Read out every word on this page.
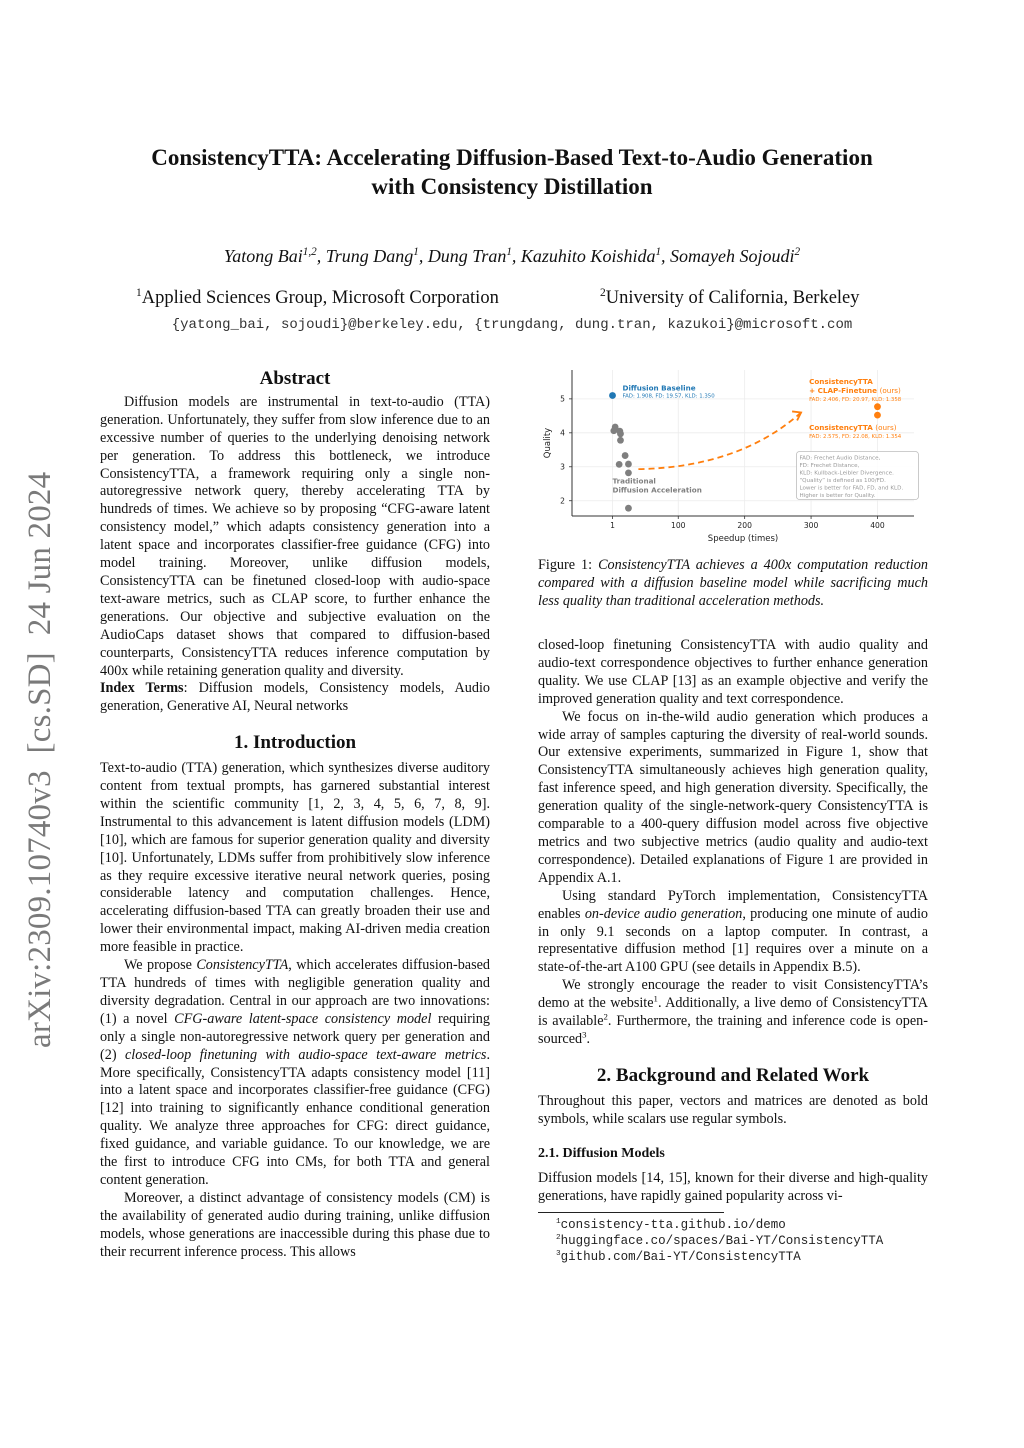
arXiv:2309.10740v3  [cs.SD]  24 Jun 2024
ConsistencyTTA: Accelerating Diffusion-Based Text-to-Audio Generation
with Consistency Distillation
Yatong Bai$^{1,2}$, Trung Dang$^1$, Dung Tran$^1$, Kazuhito Koishida$^1$, Somayeh Sojoudi$^2$
$^1$Applied Sciences Group, Microsoft Corporation	$^2$University of California, Berkeley
{yatong_bai, sojoudi}@berkeley.edu, {trungdang, dung.tran, kazukoi}@microsoft.com
Abstract

Diffusion models are instrumental in text-to-audio (TTA) generation. Unfortunately, they suffer from slow inference due to an excessive number of queries to the underlying denoising network per generation. To address this bottleneck, we introduce ConsistencyTTA, a framework requiring only a single non-autoregressive network query, thereby accelerating TTA by hundreds of times. We achieve so by proposing “CFG-aware latent consistency model,” which adapts consistency generation into a latent space and incorporates classifier-free guidance (CFG) into model training. Moreover, unlike diffusion models, ConsistencyTTA can be finetuned closed-loop with audio-space text-aware metrics, such as CLAP score, to further enhance the generations. Our objective and subjective evaluation on the AudioCaps dataset shows that compared to diffusion-based counterparts, ConsistencyTTA reduces inference computation by 400x while retaining generation quality and diversity.

Index Terms: Diffusion models, Consistency models, Audio generation, Generative AI, Neural networks

1. Introduction

Text-to-audio (TTA) generation, which synthesizes diverse auditory content from textual prompts, has garnered substantial interest within the scientific community [1, 2, 3, 4, 5, 6, 7, 8, 9]. Instrumental to this advancement is latent diffusion models (LDM) [10], which are famous for superior generation quality and diversity [10]. Unfortunately, LDMs suffer from prohibitively slow inference as they require excessive iterative neural network queries, posing considerable latency and computation challenges. Hence, accelerating diffusion-based TTA can greatly broaden their use and lower their environmental impact, making AI-driven media creation more feasible in practice.

We propose ConsistencyTTA, which accelerates diffusion-based TTA hundreds of times with negligible generation quality and diversity degradation. Central in our approach are two innovations: (1) a novel CFG-aware latent-space consistency model requiring only a single non-autoregressive network query per generation and (2) closed-loop finetuning with audio-space text-aware metrics. More specifically, ConsistencyTTA adapts consistency model [11] into a latent space and incorporates classifier-free guidance (CFG) [12] into training to significantly enhance conditional generation quality. We analyze three approaches for CFG: direct guidance, fixed guidance, and variable guidance. To our knowledge, we are the first to introduce CFG into CMs, for both TTA and general content generation.

Moreover, a distinct advantage of consistency models (CM) is the availability of generated audio during training, unlike diffusion models, whose generations are inaccessible during this phase due to their recurrent inference process. This allows

1	100	200	300	400
2
3
4
5
Speedup (times)
Quality
Diffusion Baseline
FAD: 1.908, FD: 19.57, KLD: 1.350
Traditional
Diffusion Acceleration
ConsistencyTTA
+ CLAP-Finetune (ours)
FAD: 2.406, FD: 20.97, KLD: 1.358
ConsistencyTTA (ours)
FAD: 2.575, FD: 22.08, KLD: 1.354
FAD: Frechet Audio Distance,
FD: Frechet Distance,
KLD: Kullback-Leibler Divergence.
“Quality” is defined as 100/FD.
Lower is better for FAD, FD, and KLD.
Higher is better for Quality.
Figure 1: ConsistencyTTA achieves a 400x computation reduction compared with a diffusion baseline model while sacrificing much less quality than traditional acceleration methods.

closed-loop finetuning ConsistencyTTA with audio quality and audio-text correspondence objectives to further enhance generation quality. We use CLAP [13] as an example objective and verify the improved generation quality and text correspondence.

We focus on in-the-wild audio generation which produces a wide array of samples capturing the diversity of real-world sounds. Our extensive experiments, summarized in Figure 1, show that ConsistencyTTA simultaneously achieves high generation quality, fast inference speed, and high generation diversity. Specifically, the generation quality of the single-network-query ConsistencyTTA is comparable to a 400-query diffusion model across five objective metrics and two subjective metrics (audio quality and audio-text correspondence). Detailed explanations of Figure 1 are provided in Appendix A.1.

Using standard PyTorch implementation, ConsistencyTTA enables on-device audio generation, producing one minute of audio in only 9.1 seconds on a laptop computer. In contrast, a representative diffusion method [1] requires over a minute on a state-of-the-art A100 GPU (see details in Appendix B.5).

We strongly encourage the reader to visit ConsistencyTTA’s demo at the website$^1$. Additionally, a live demo of ConsistencyTTA is available$^2$. Furthermore, the training and inference code is open-sourced$^3$.

2. Background and Related Work

Throughout this paper, vectors and matrices are denoted as bold symbols, while scalars use regular symbols.

2.1. Diffusion Models

Diffusion models [14, 15], known for their diverse and high-quality generations, have rapidly gained popularity across vi-

$^1$consistency-tta.github.io/demo
$^2$huggingface.co/spaces/Bai-YT/ConsistencyTTA
$^3$github.com/Bai-YT/ConsistencyTTA
